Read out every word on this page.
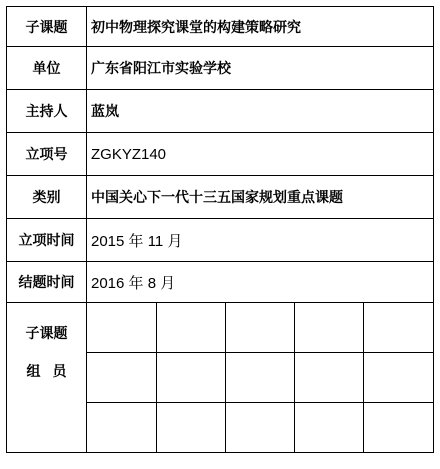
子课题	初中物理探究课堂的构建策略研究
单位	广东省阳江市实验学校
主持人	蓝岚
立项号	ZGKYZ140
类别	中国关心下一代十三五国家规划重点课题
立项时间	2015 年 11 月
结题时间	2016 年 8 月

子课题
组员
